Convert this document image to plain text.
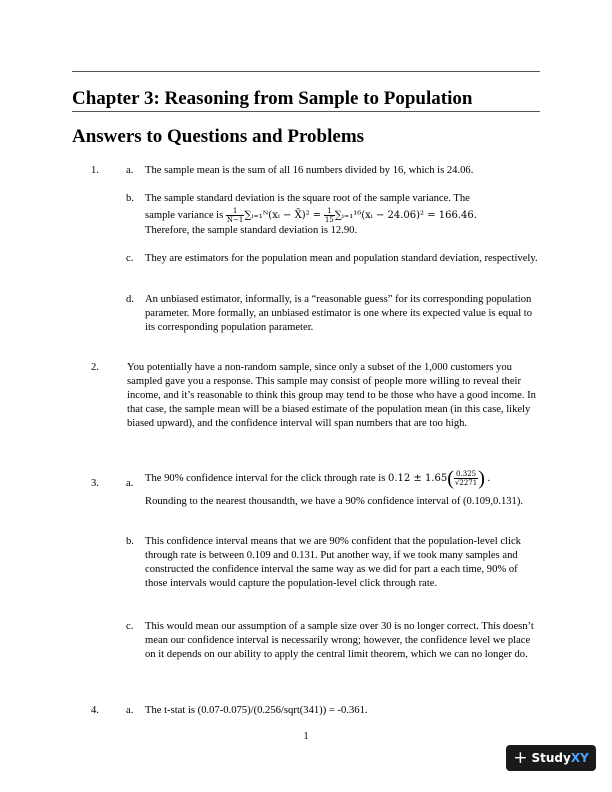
Chapter 3: Reasoning from Sample to Population
Answers to Questions and Problems
1.	a. The sample mean is the sum of all 16 numbers divided by 16, which is 24.06.
b. The sample standard deviation is the square root of the sample variance. The
sample variance is $\frac{1}{N-1}$ ∑ᵢ₌₁ᴺ(xᵢ − X̄)² = $\frac{1}{15}$ ∑ᵢ₌₁¹⁶(xᵢ − 24.06)² = 166.46.
Therefore, the sample standard deviation is 12.90.
c. They are estimators for the population mean and population standard deviation, respectively.
d. An unbiased estimator, informally, is a “reasonable guess” for its corresponding population parameter. More formally, an unbiased estimator is one where its expected value is equal to its corresponding population parameter.
2.	You potentially have a non-random sample, since only a subset of the 1,000 customers you sampled gave you a response. This sample may consist of people more willing to reveal their income, and it’s reasonable to think this group may tend to be those who have a good income. In that case, the sample mean will be a biased estimate of the population mean (in this case, likely biased upward), and the confidence interval will span numbers that are too high.
3.	a. The 90% confidence interval for the click through rate is $0.12 \pm 1.65( \frac{0.325}{√2271}$ ) .
Rounding to the nearest thousandth, we have a 90% confidence interval of (0.109,0.131).
b. This confidence interval means that we are 90% confident that the population-level click through rate is between 0.109 and 0.131. Put another way, if we took many samples and constructed the confidence interval the same way as we did for part a each time, 90% of those intervals would capture the population-level click through rate.
c. This would mean our assumption of a sample size over 30 is no longer correct. This doesn’t mean our confidence interval is necessarily wrong; however, the confidence level we place on it depends on our ability to apply the central limit theorem, which we can no longer do.
4.	a. The t-stat is (0.07-0.075)/(0.256/sqrt(341)) = -0.361.
1
+ StudyXY
